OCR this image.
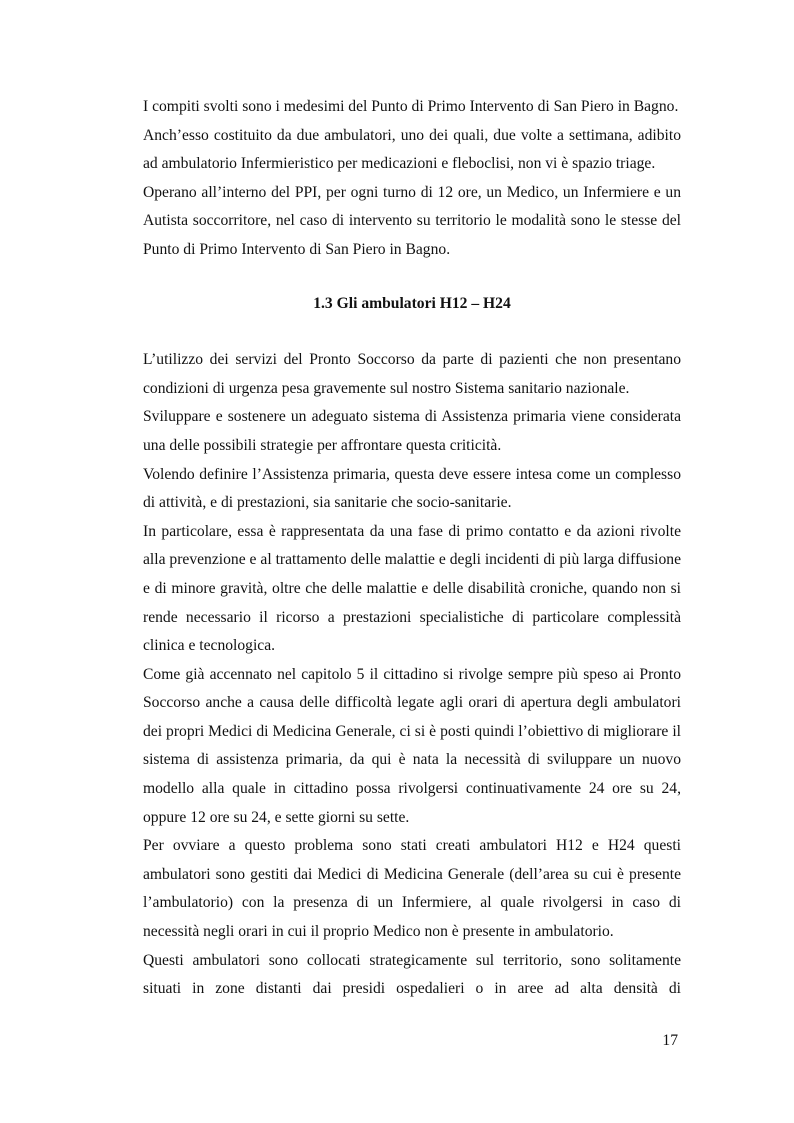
I compiti svolti sono i medesimi del Punto di Primo Intervento di San Piero in Bagno.

Anch’esso costituito da due ambulatori, uno dei quali, due volte a settimana, adibito ad ambulatorio Infermieristico per medicazioni e fleboclisi, non vi è spazio triage.

Operano all’interno del PPI, per ogni turno di 12 ore, un Medico, un Infermiere e un Autista soccorritore, nel caso di intervento su territorio le modalità sono le stesse del Punto di Primo Intervento di San Piero in Bagno.

1.3 Gli ambulatori H12 – H24

L’utilizzo dei servizi del Pronto Soccorso da parte di pazienti che non presentano condizioni di urgenza pesa gravemente sul nostro Sistema sanitario nazionale.

Sviluppare e sostenere un adeguato sistema di Assistenza primaria viene considerata una delle possibili strategie per affrontare questa criticità.

Volendo definire l’Assistenza primaria, questa deve essere intesa come un complesso di attività, e di prestazioni, sia sanitarie che socio-sanitarie.

In particolare, essa è rappresentata da una fase di primo contatto e da azioni rivolte alla prevenzione e al trattamento delle malattie e degli incidenti di più larga diffusione e di minore gravità, oltre che delle malattie e delle disabilità croniche, quando non si rende necessario il ricorso a prestazioni specialistiche di particolare complessità clinica e tecnologica.

Come già accennato nel capitolo 5 il cittadino si rivolge sempre più speso ai Pronto Soccorso anche a causa delle difficoltà legate agli orari di apertura degli ambulatori dei propri Medici di Medicina Generale, ci si è posti quindi l’obiettivo di migliorare il sistema di assistenza primaria, da qui è nata la necessità di sviluppare un nuovo modello alla quale in cittadino possa rivolgersi continuativamente 24 ore su 24, oppure 12 ore su 24, e sette giorni su sette.

Per ovviare a questo problema sono stati creati ambulatori H12 e H24 questi ambulatori sono gestiti dai Medici di Medicina Generale (dell’area su cui è presente l’ambulatorio) con la presenza di un Infermiere, al quale rivolgersi in caso di necessità negli orari in cui il proprio Medico non è presente in ambulatorio.

Questi ambulatori sono collocati strategicamente sul territorio, sono solitamente situati in zone distanti dai presidi ospedalieri o in aree ad alta densità di

17
